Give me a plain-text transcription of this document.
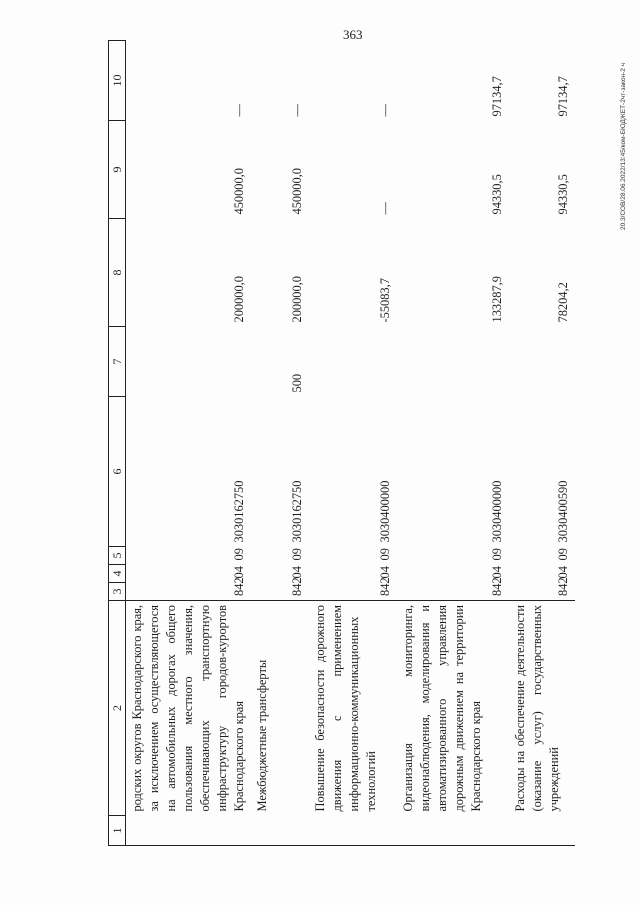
363
20.3/СОВ/28.06.2022/13:45/ком-БЮДЖЕТ-2чт-закон-2 ч
1	2	3	4	5	6	7	8	9	10
	родских округов Краснодарского края, за исключением осуществляющегося на автомобильных дорогах общего пользования местного значения, обеспечивающих транспортную инфраструктуру городов-курортов Краснодарского края	842	04	09	3030162750		200000,0	450000,0	—
	Межбюджетные трансферты	842	04	09	3030162750	500	200000,0	450000,0	—
	Повышение безопасности дорожного движения с применением информационно-коммуникационных технологий	842	04	09	3030400000		-55083,7	—	—
	Организация мониторинга, видеонаблюдения, моделирования и автоматизированного управления дорожным движением на территории Краснодарского края	842	04	09	3030400000		133287,9	94330,5	97134,7
	Расходы на обеспечение деятельности (оказание услуг) государственных учреждений	842	04	09	3030400590		78204,2	94330,5	97134,7
